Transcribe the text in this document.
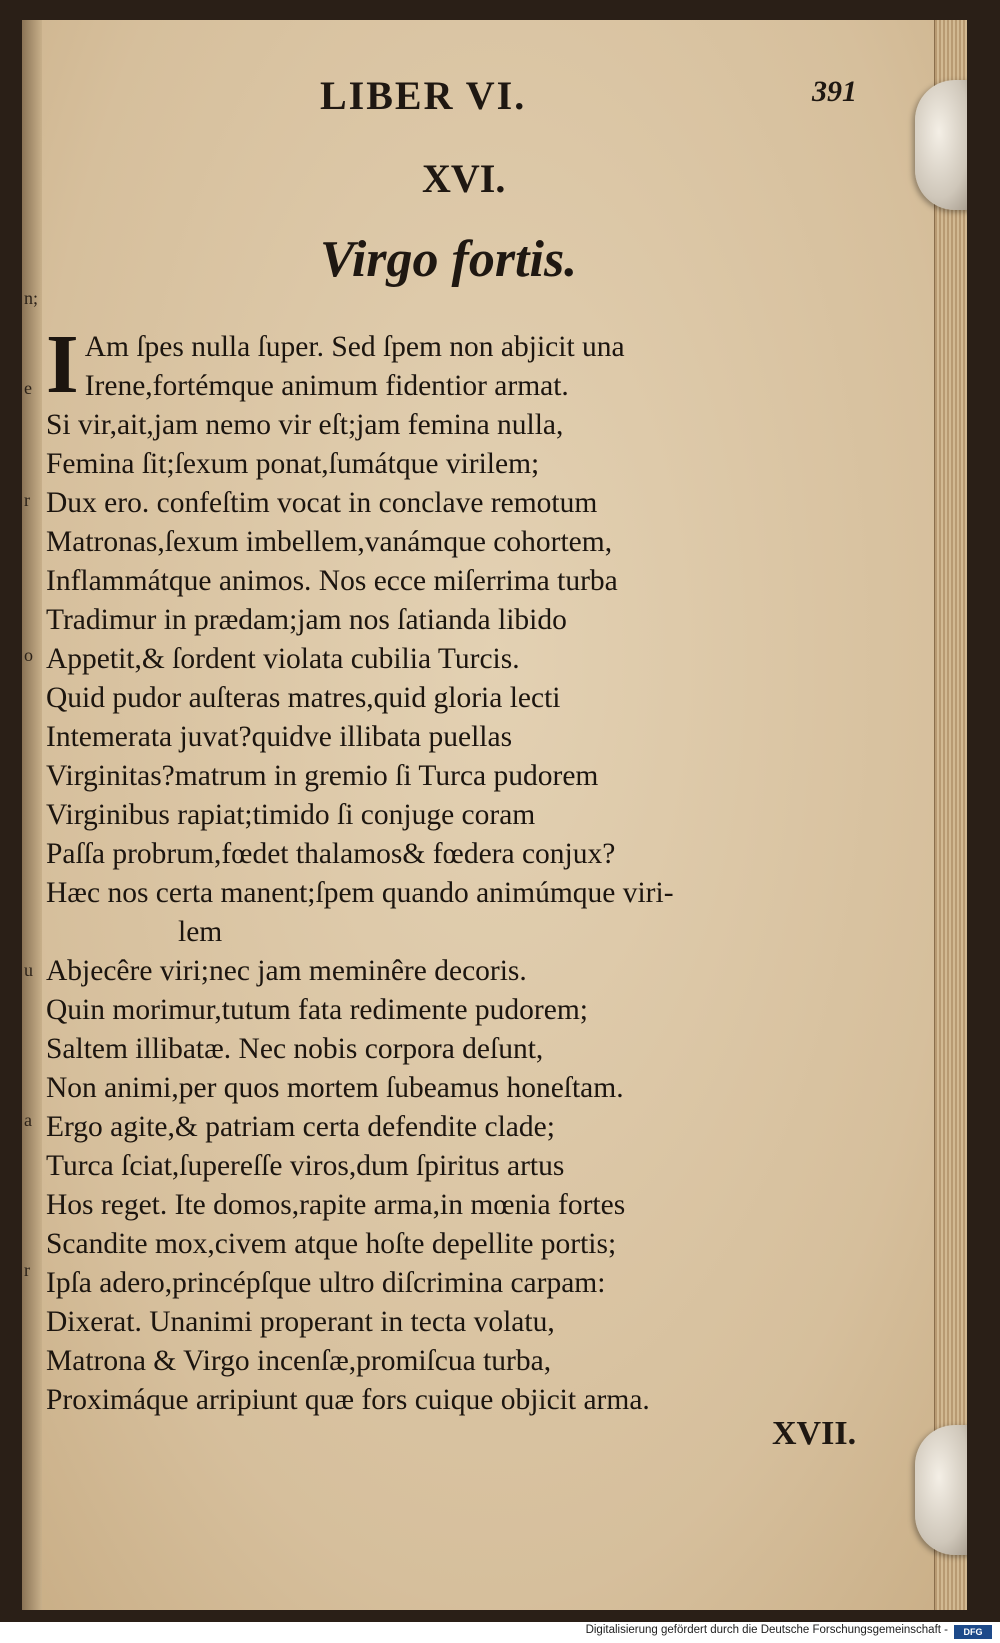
n;
e
r
o
u
a
r
LIBER VI.	391
XVI.
Virgo fortis.
I Am ſpes nulla ſuper. Sed ſpem non abjicit una
Irene,fortémque animum fidentior armat.
Si vir,ait,jam nemo vir eſt;jam femina nulla,
Femina ſit;ſexum ponat,ſumátque virilem;
Dux ero. confeſtim vocat in conclave remotum
Matronas,ſexum imbellem,vanámque cohortem,
Inflammátque animos. Nos ecce miſerrima turba
Tradimur in prædam;jam nos ſatianda libido
Appetit,& ſordent violata cubilia Turcis.
Quid pudor auſteras matres,quid gloria lecti
Intemerata juvat?quidve illibata puellas
Virginitas?matrum in gremio ſi Turca pudorem
Virginibus rapiat;timido ſi conjuge coram
Paſſa probrum,fœdet thalamos& fœdera conjux?
Hæc nos certa manent;ſpem quando animúmque viri-
lem
Abjecêre viri;nec jam meminêre decoris.
Quin morimur,tutum fata redimente pudorem;
Saltem illibatæ. Nec nobis corpora deſunt,
Non animi,per quos mortem ſubeamus honeſtam.
Ergo agite,& patriam certa defendite clade;
Turca ſciat,ſupereſſe viros,dum ſpiritus artus
Hos reget. Ite domos,rapite arma,in mœnia fortes
Scandite mox,civem atque hoſte depellite portis;
Ipſa adero,princépſque ultro diſcrimina carpam:
Dixerat. Unanimi properant in tecta volatu,
Matrona & Virgo incenſæ,promiſcua turba,
Proximáque arripiunt quæ fors cuique objicit arma.
XVII.
Digitalisierung gefördert durch die Deutsche Forschungsgemeinschaft -	DFG
